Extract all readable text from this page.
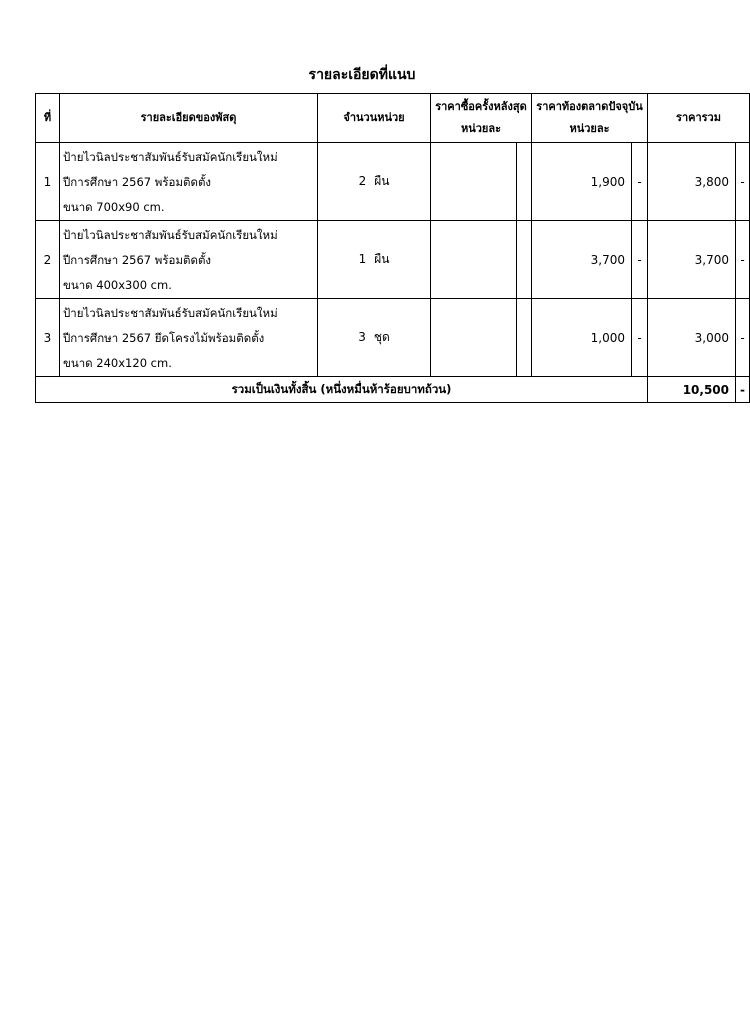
รายละเอียดที่แนบ
ที่	รายละเอียดของพัสดุ	จำนวนหน่วย	ราคาซื้อครั้งหลังสุดหน่วยละ		ราคาท้องตลาดปัจจุบันหน่วยละ		ราคารวม	
1	ป้ายไวนิลประชาสัมพันธ์รับสมัคนักเรียนใหม่
ปีการศึกษา 2567 พร้อมติดตั้ง
ขนาด 700x90 cm.	2 ผืน			1,900	-	3,800	-
2	ป้ายไวนิลประชาสัมพันธ์รับสมัคนักเรียนใหม่
ปีการศึกษา 2567 พร้อมติดตั้ง
ขนาด 400x300 cm.	1 ผืน			3,700	-	3,700	-
3	ป้ายไวนิลประชาสัมพันธ์รับสมัคนักเรียนใหม่
ปีการศึกษา 2567 ยึดโครงไม้พร้อมติดตั้ง
ขนาด 240x120 cm.	3 ชุด			1,000	-	3,000	-
รวมเป็นเงินทั้งสิ้น (หนึ่งหมื่นห้าร้อยบาทถ้วน)							10,500	-
